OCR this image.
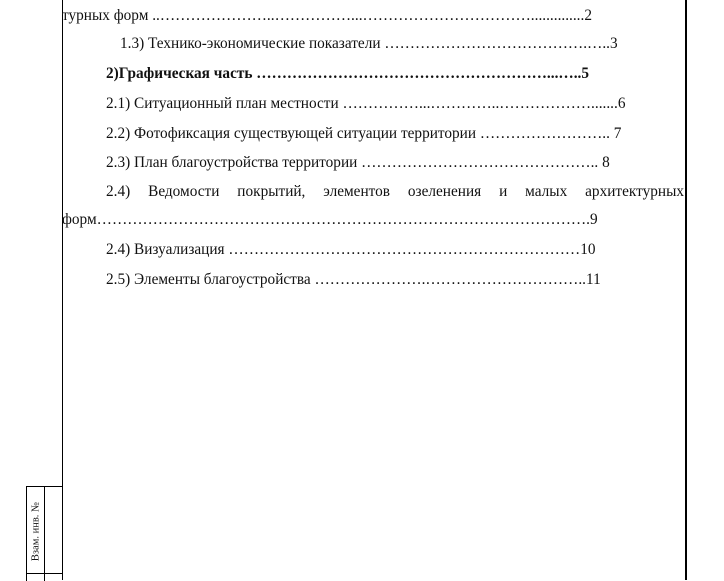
турных форм ..…………………..……………...……………………………..............2
1.3) Технико-экономические показатели ………………………………….…..3
2)Графическая часть …………………………………………………...…..5
2.1) Ситуационный план местности ……………...…………..……………….......6
2.2) Фотофиксация существующей ситуации территории …………………….. 7
2.3) План благоустройства территории ……………………………………….. 8
2.4) Ведомости покрытий, элементов озеленения и малых архитектурных
форм…………………………………………………………………………………….9
2.4) Визуализация ……………………………………………………………10
2.5) Элементы благоустройства ………………….…………………………..11
Взам. инв. №
